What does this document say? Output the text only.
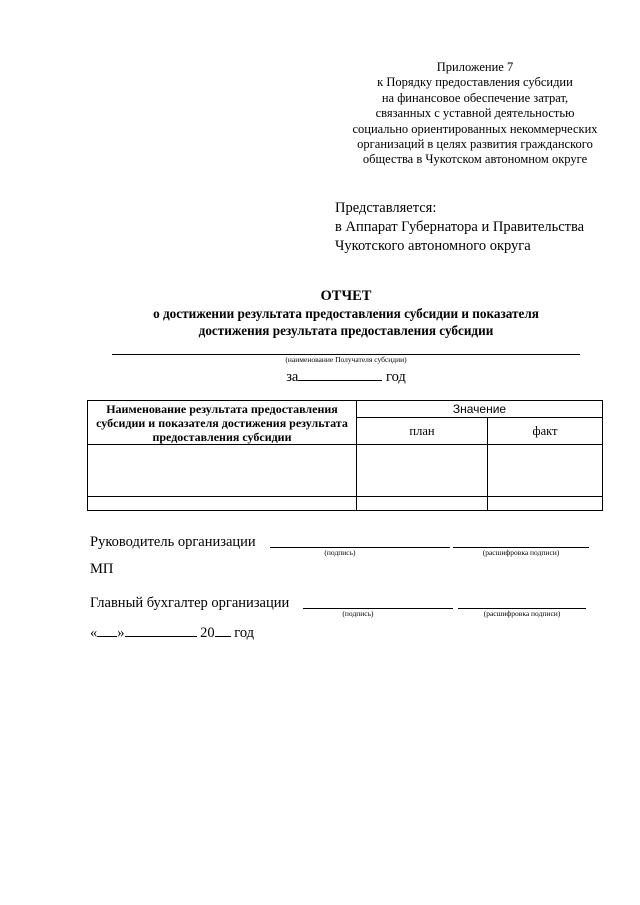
Приложение 7
к Порядку предоставления субсидии
на финансовое обеспечение затрат,
связанных с уставной деятельностью
социально ориентированных некоммерческих
организаций в целях развития гражданского
общества в Чукотском автономном округе
Представляется:
в Аппарат Губернатора и Правительства
Чукотского автономного округа
ОТЧЕТ
о достижении результата предоставления субсидии и показателя
достижения результата предоставления субсидии
(наименование Получателя субсидии)
за	год
Наименование результата предоставления субсидии и показателя достижения результата предоставления субсидии	Значение	
	план	факт

Руководитель организации
(подпись)	(расшифровка подписи)
МП
Главный бухгалтер организации
(подпись)	(расшифровка подписи)
« »	20 год
